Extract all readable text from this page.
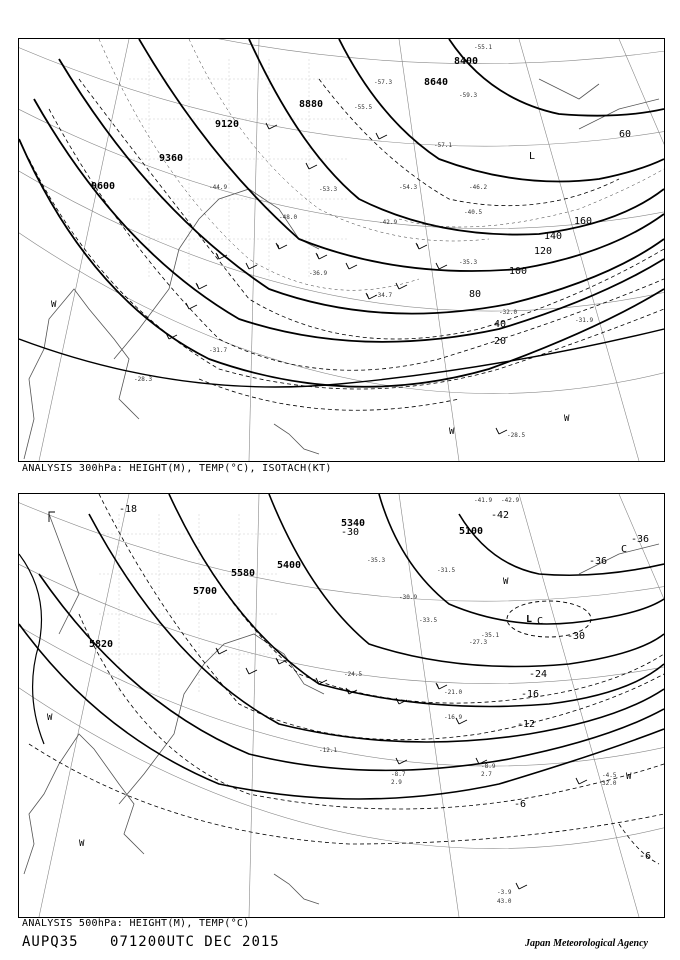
8400
8640
8880
9120
9360
9600
20
40
60
80
100
120
140
160
L
W
W
W
-28.5
-28.3
-31.7
-32.0
-31.9
-34.7
-35.3
-36.9
-40.5
-42.9
-44.9	-46.2
-48.0
-53.3	-54.3
-55.5
-57.3
-59.3
-55.1
-57.1
ANALYSIS 300hPa: HEIGHT(M), TEMP(°C), ISOTACH(KT)
5100
5340
5400
5580
5700
5820
-6
-6
-12
-16
-18
-24
-30
-30
-36
-36
-42
L C
C
W
W
W
W
-3.9
43.0
-4.5
32.0
-8.7
2.9
-8.9
2.7
-12.1
-16.9
-21.0
-24.5
-27.3
-30.9
-31.5
-33.5
-35.1
-35.3
-41.9 -42.9
ANALYSIS 500hPa: HEIGHT(M), TEMP(°C)
AUPQ35 071200UTC DEC 2015	Japan Meteorological Agency
